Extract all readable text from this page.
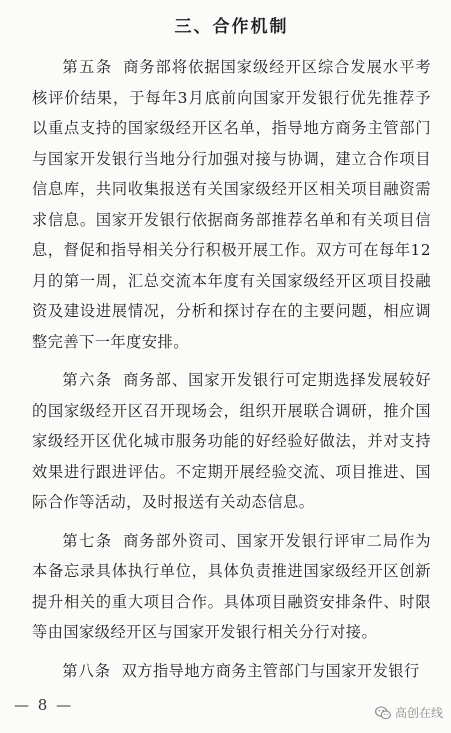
三、合作机制

第五条 商务部将依据国家级经开区综合发展水平考核评价结果，于每年3月底前向国家开发银行优先推荐予以重点支持的国家级经开区名单，指导地方商务主管部门与国家开发银行当地分行加强对接与协调，建立合作项目信息库，共同收集报送有关国家级经开区相关项目融资需求信息。国家开发银行依据商务部推荐名单和有关项目信息，督促和指导相关分行积极开展工作。双方可在每年12月的第一周，汇总交流本年度有关国家级经开区项目投融资及建设进展情况，分析和探讨存在的主要问题，相应调整完善下一年度安排。

第六条 商务部、国家开发银行可定期选择发展较好的国家级经开区召开现场会，组织开展联合调研，推介国家级经开区优化城市服务功能的好经验好做法，并对支持效果进行跟进评估。不定期开展经验交流、项目推进、国际合作等活动，及时报送有关动态信息。

第七条 商务部外资司、国家开发银行评审二局作为本备忘录具体执行单位，具体负责推进国家级经开区创新提升相关的重大项目合作。具体项目融资安排条件、时限等由国家级经开区与国家开发银行相关分行对接。

第八条 双方指导地方商务主管部门与国家开发银行

— 8 —	高创在线
